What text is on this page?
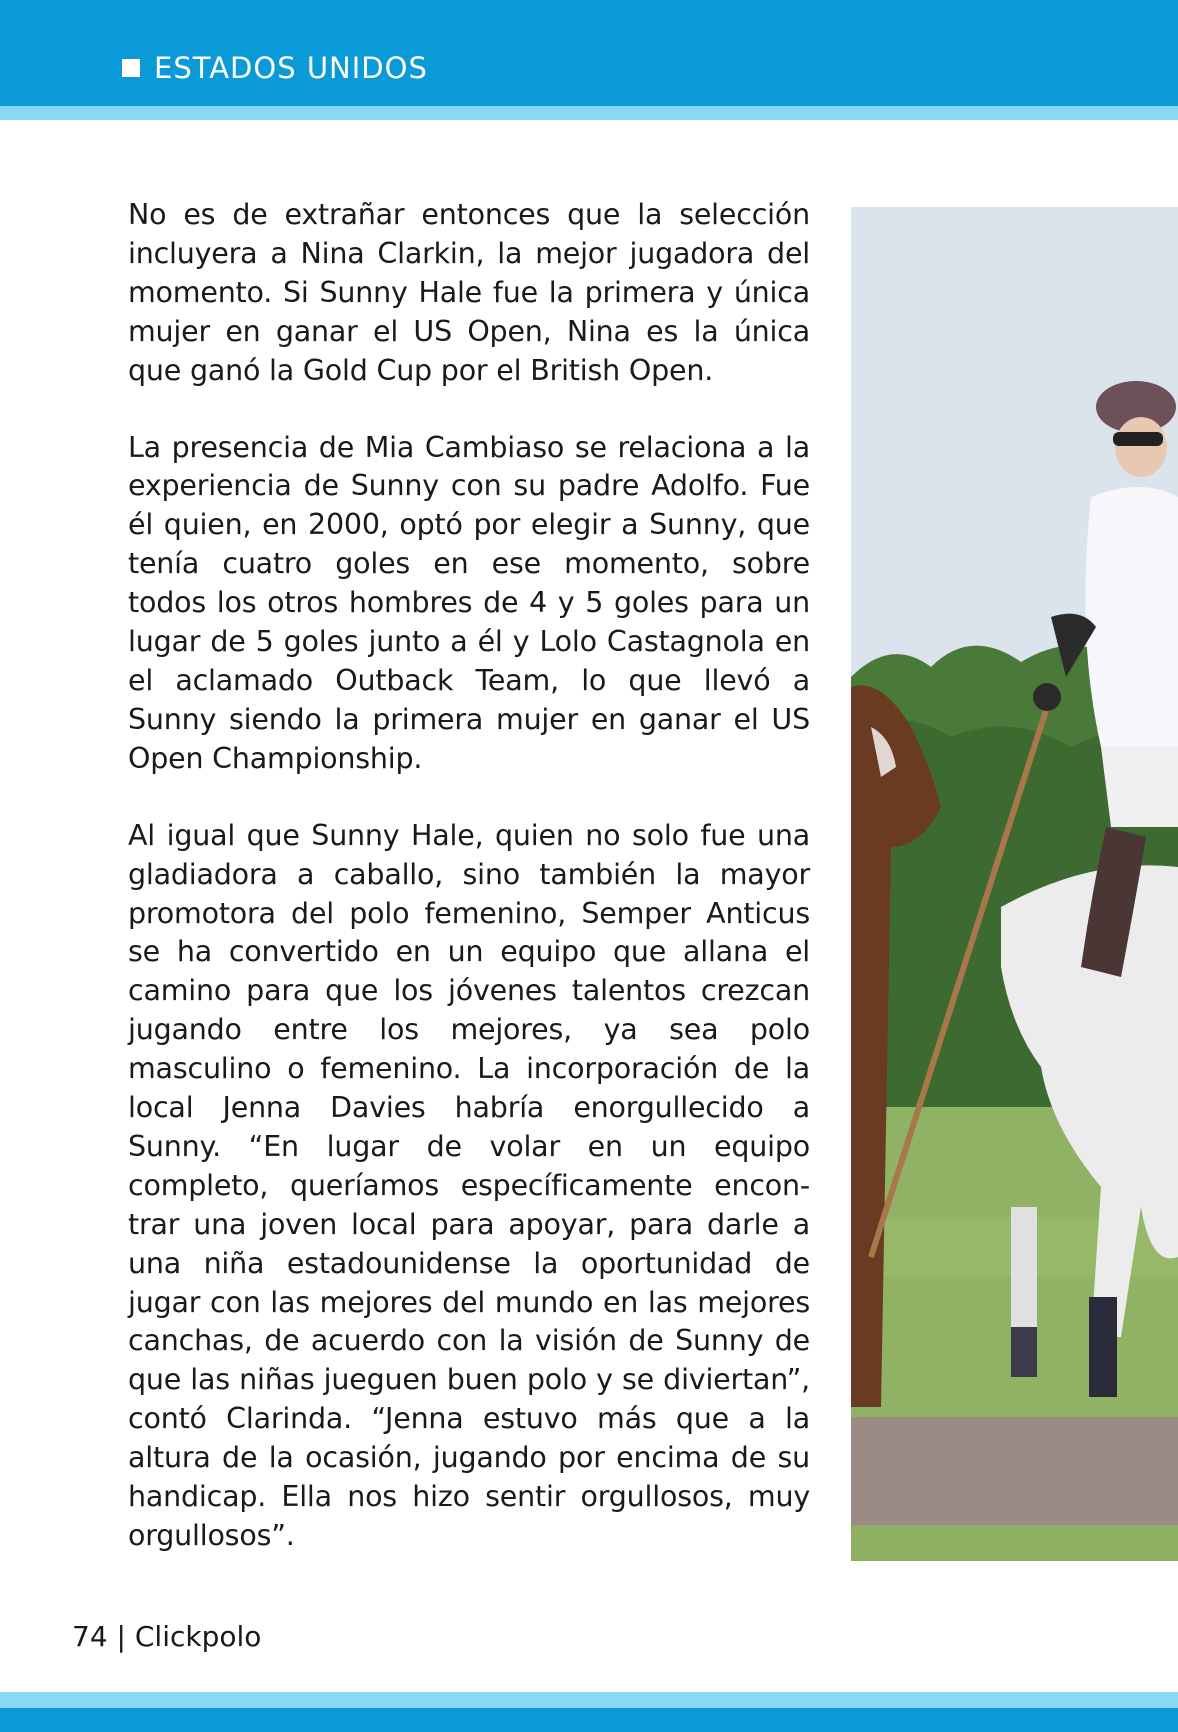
ESTADOS UNIDOS

No es de extrañar entonces que la selección incluyera a Nina Clarkin, la mejor jugadora del momento. Si Sunny Hale fue la primera y única mujer en ganar el US Open, Nina es la única que ganó la Gold Cup por el British Open.

La presencia de Mia Cambiaso se relaciona a la experiencia de Sunny con su padre Adolfo. Fue él quien, en 2000, optó por elegir a Sunny, que tenía cuatro goles en ese momento, sobre todos los otros hombres de 4 y 5 goles para un lugar de 5 goles junto a él y Lolo Castagnola en el aclamado Outback Team, lo que llevó a Sunny siendo la primera mujer en ganar el US Open Championship.

Al igual que Sunny Hale, quien no solo fue una gladiadora a caballo, sino también la mayor promotora del polo femenino, Semper Anticus se ha convertido en un equipo que allana el camino para que los jóvenes talentos crezcan jugando entre los mejores, ya sea polo masculino o femenino. La incorporación de la local Jenna Davies habría enorgullecido a Sunny. “En lugar de volar en un equipo completo, queríamos específicamente encon-trar una joven local para apoyar, para darle a una niña estadounidense la oportunidad de jugar con las mejores del mundo en las mejores canchas, de acuerdo con la visión de Sunny de que las niñas jueguen buen polo y se diviertan”, contó Clarinda. “Jenna estuvo más que a la altura de la ocasión, jugando por encima de su handicap. Ella nos hizo sentir orgullosos, muy orgullosos”.

74 | Clickpolo
